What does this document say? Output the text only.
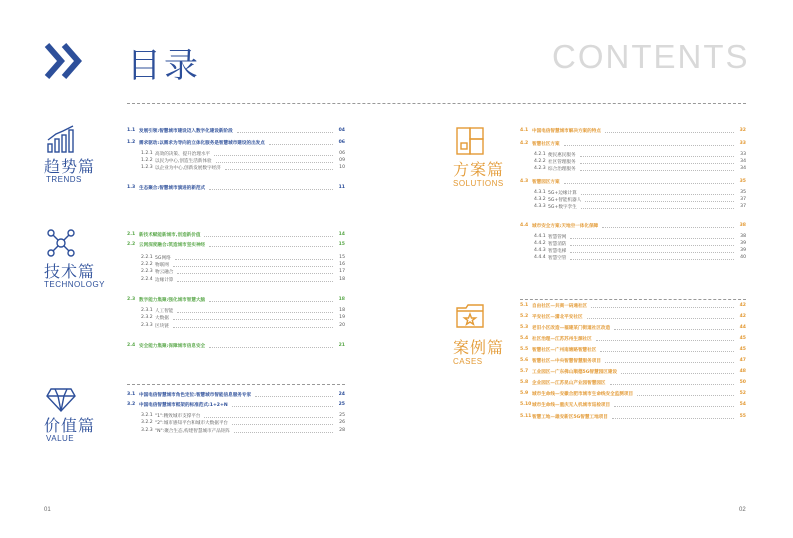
目录	CONTENTS
趋势篇
TRENDS
技术篇
TECHNOLOGY
价值篇
VALUE
方案篇
SOLUTIONS
案例篇
CASES
1.1 发展引领:智慧城市建设迈入数字化建设新阶段	04
1.2 需求驱动:以需求为导向的立体化服务是智慧城市建设的出发点	06
1.2.1 高效的决策、提升治理水平	06
1.2.2 以民为中心,创造生活新体验	09
1.2.3 以企业为中心,创新发展数字经济	10
1.3 生态聚合:智慧城市演进的新范式	11
2.1 新技术赋能新城市,创造新价值	14
2.2 云网深度融合:筑造城市坚实神经	15
2.2.1 5G网络	15
2.2.2 物联网	16
2.2.3 物云融合	17
2.2.4 边缘计算	18
2.3 数字能力集聚:强化城市智慧大脑	18
2.3.1 人工智能	18
2.3.2 大数据	19
2.3.3 区块链	20
2.4 安全能力集聚:保障城市信息安全	21
3.1 中国电信智慧城市角色定位:智慧城市智能信息服务专家	24
3.2 中国电信智慧城市框架的标准范式:1+2+N	25
3.2.1 "1":精致城市支撑平台	25
3.2.2 "2":城市感知平台和城市大数据平台	26
3.2.3 "N":聚合生态,构建智慧城市产品矩阵	28
4.1 中国电信智慧城市解决方案的特点	32
4.2 智慧社区方案	33
4.2.1 便民惠民服务	33
4.2.2 社区管理服务	34
4.2.3 综合治理服务	34
4.3 智慧园区方案	35
4.3.1 5G+边缘计算	35
4.3.2 5G+智能机器人	37
4.3.3 5G+数字孪生	37
4.4 城市安全方案:天地空一体化保障	38
4.4.1 智慧管网	38
4.4.2 智慧消防	39
4.4.3 智慧电梯	39
4.4.4 智慧空管	40
5.1 自由社区—共商一码通社区	42
5.2 平安社区—潇北平安社区	42
5.3 老旧小区改造—福建某门街道社区改造	44
5.4 社区治理—江苏苏州生源社区	45
5.5 智慧社区—广州南塘路智慧社区	45
5.6 智慧社区—中央智慧智慧服务项目	47
5.7 工业园区—广东佛山顺德5G智慧园区建设	48
5.8 企业园区—江苏昆山产业园智慧园区	50
5.9 城市生命线—安徽合肥市城市生命线安全监测项目	52
5.10 城市生命线—重庆无人机城市巡检项目	54
5.11 智慧工地—雄安新区5G智慧工地项目	55
01	02
